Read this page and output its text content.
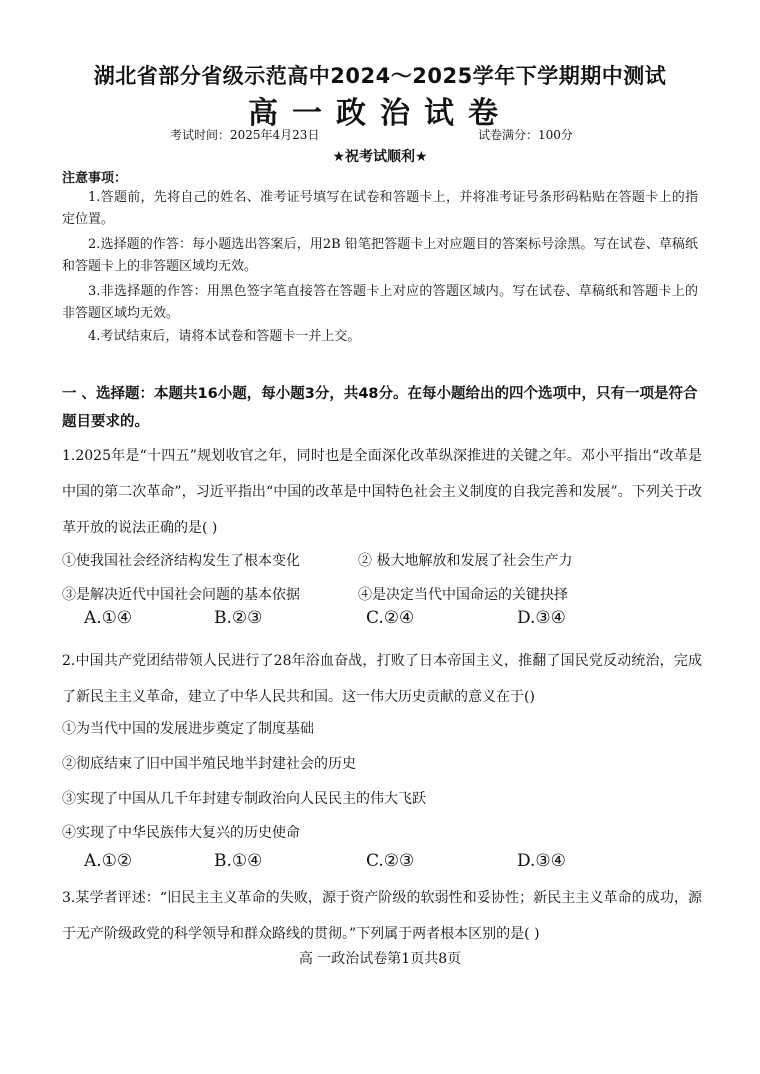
湖北省部分省级示范高中2024～2025学年下学期期中测试
高一政治试卷
考试时间：2025年4月23日	试卷满分：100分
★祝考试顺利★
注意事项：
1.答题前，先将自己的姓名、准考证号填写在试卷和答题卡上，并将准考证号条形码粘贴在答题卡上的指定位置。
2.选择题的作答：每小题选出答案后，用2B 铅笔把答题卡上对应题目的答案标号涂黑。写在试卷、草稿纸和答题卡上的非答题区域均无效。
3.非选择题的作答：用黑色签字笔直接答在答题卡上对应的答题区域内。写在试卷、草稿纸和答题卡上的非答题区域均无效。
4.考试结束后，请将本试卷和答题卡一并上交。
一 、选择题：本题共16小题，每小题3分，共48分。在每小题给出的四个选项中，只有一项是符合题目要求的。
1.2025年是“十四五”规划收官之年，同时也是全面深化改革纵深推进的关键之年。邓小平指出“改革是中国的第二次革命”，习近平指出“中国的改革是中国特色社会主义制度的自我完善和发展”。下列关于改革开放的说法正确的是( )
①使我国社会经济结构发生了根本变化	② 极大地解放和发展了社会生产力
③是解决近代中国社会问题的基本依据	④是决定当代中国命运的关键抉择
A.①④	B.②③	C.②④	D.③④
2.中国共产党团结带领人民进行了28年浴血奋战，打败了日本帝国主义，推翻了国民党反动统治，完成了新民主主义革命，建立了中华人民共和国。这一伟大历史贡献的意义在于()
①为当代中国的发展进步奠定了制度基础
②彻底结束了旧中国半殖民地半封建社会的历史
③实现了中国从几千年封建专制政治向人民民主的伟大飞跃
④实现了中华民族伟大复兴的历史使命
A.①②	B.①④	C.②③	D.③④
3.某学者评述：“旧民主主义革命的失败，源于资产阶级的软弱性和妥协性；新民主主义革命的成功，源于无产阶级政党的科学领导和群众路线的贯彻。”下列属于两者根本区别的是( )
高 一政治试卷第1页共8页
